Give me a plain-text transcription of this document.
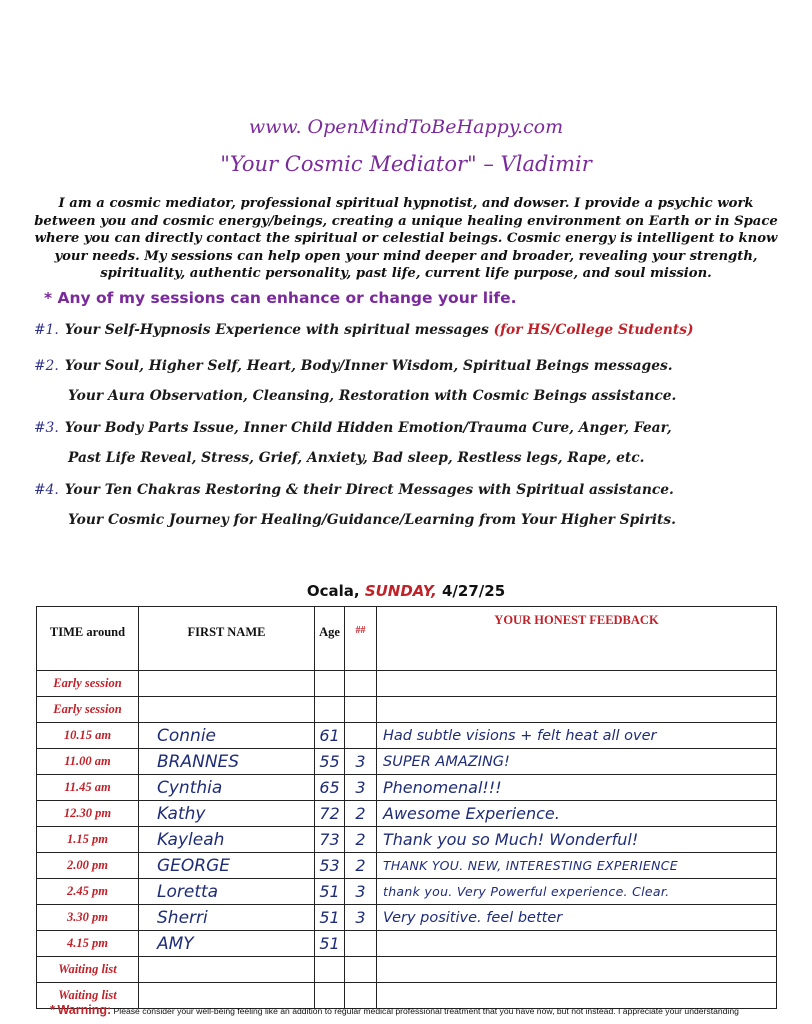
www. OpenMindToBeHappy.com
"Your Cosmic Mediator" – Vladimir
I am a cosmic mediator, professional spiritual hypnotist, and dowser. I provide a psychic work between you and cosmic energy/beings, creating a unique healing environment on Earth or in Space where you can directly contact the spiritual or celestial beings. Cosmic energy is intelligent to know your needs. My sessions can help open your mind deeper and broader, revealing your strength, spirituality, authentic personality, past life, current life purpose, and soul mission.
* Any of my sessions can enhance or change your life.
#1. Your Self-Hypnosis Experience with spiritual messages (for HS/College Students)
#2. Your Soul, Higher Self, Heart, Body/Inner Wisdom, Spiritual Beings messages.
Your Aura Observation, Cleansing, Restoration with Cosmic Beings assistance.
#3. Your Body Parts Issue, Inner Child Hidden Emotion/Trauma Cure, Anger, Fear,
Past Life Reveal, Stress, Grief, Anxiety, Bad sleep, Restless legs, Rape, etc.
#4. Your Ten Chakras Restoring & their Direct Messages with Spiritual assistance.
Your Cosmic Journey for Healing/Guidance/Learning from Your Higher Spirits.
Ocala, SUNDAY, 4/27/25
TIME around	FIRST NAME	Age	##	YOUR HONEST FEEDBACK
Early session				
Early session				
10.15 am	Connie	61		Had subtle visions + felt heat all over
11.00 am	BRANNES	55	3	SUPER AMAZING!
11.45 am	Cynthia	65	3	Phenomenal!!!
12.30 pm	Kathy	72	2	Awesome Experience.
1.15 pm	Kayleah	73	2	Thank you so Much! Wonderful!
2.00 pm	GEORGE	53	2	THANK YOU. NEW, INTERESTING EXPERIENCE
2.45 pm	Loretta	51	3	thank you. Very Powerful experience. Clear.
3.30 pm	Sherri	51	3	Very positive. feel better
4.15 pm	AMY	51		
Waiting list				
Waiting list				
* Warning: Please consider your well-being feeling like an addition to regular medical professional treatment that you have now, but not instead. I appreciate your understanding
